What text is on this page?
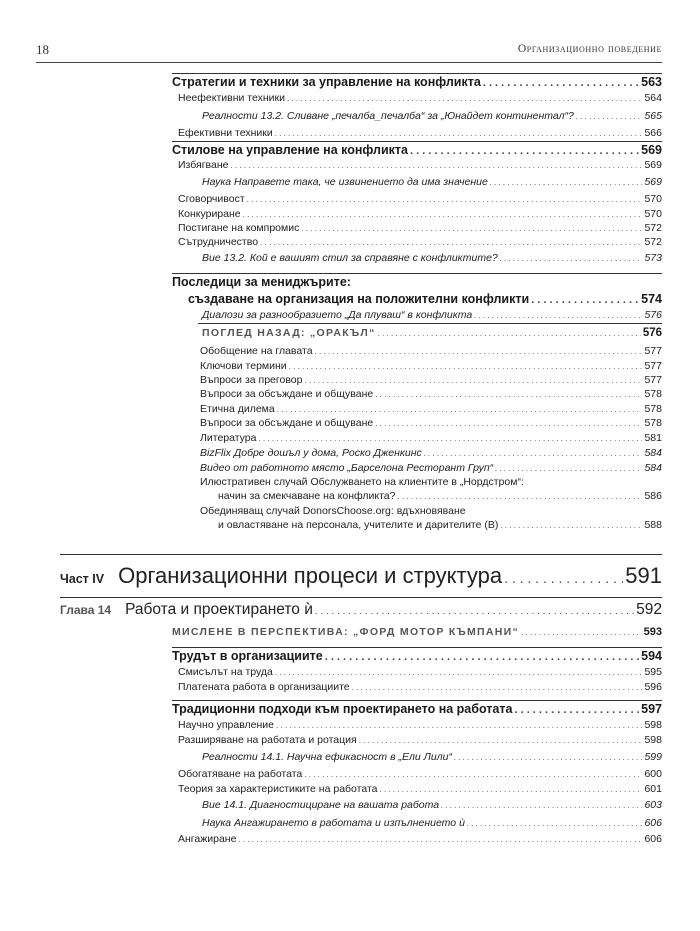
18	Организационно поведение
Стратегии и техники за управление на конфликта . . .	563
Неефективни техники . . .	564
Реалности 13.2. Сливане „печалба_печалба“ за „Юнайдет континентал“? . . .	565
Ефективни техники . . .	566
Стилове на управление на конфликта . . .	569
Избягване . . .	569
Наука Направете така, че извинението да има значение . . .	569
Сговорчивост . . .	570
Конкуриране . . .	570
Постигане на компромис . . .	572
Сътрудничество . . .	572
Вие 13.2. Кой е вашият стил за справяне с конфликтите? . . .	573
Последици за мениджърите:
създаване на организация на положителни конфликти . . .	574
Диалози за разнообразието „Да плуваш“ в конфликта . . .	576
ПОГЛЕД НАЗАД: „ОРАКЪЛ“ . . .	576
Обобщение на главата . . .	577
Ключови термини . . .	577
Въпроси за преговор . . .	577
Въпроси за обсъждане и общуване . . .	578
Етична дилема . . .	578
Въпроси за обсъждане и общуване . . .	578
Литература . . .	581
BizFlix Добре дошъл у дома, Роско Дженкинс . . .	584
Видео от работното място „Барселона Ресторант Груп“ . . .	584
Илюстративен случай Обслужването на клиентите в „Нордстром“:
начин за смекчаване на конфликта? . . .	586
Обединяващ случай DonorsChoose.org: вдъхновяване
и овластяване на персонала, учителите и дарителите (В) . . .	588
Част IV Организационни процеси и структура . . .	591
Глава 14 Работа и проектирането ѝ . . .	592
МИСЛЕНЕ В ПЕРСПЕКТИВА: „ФОРД МОТОР КЪМПАНИ“ . . .	593
Трудът в организациите . . .	594
Смисълът на труда . . .	595
Платената работа в организациите . . .	596
Традиционни подходи към проектирането на работата . . .	597
Научно управление . . .	598
Разширяване на работата и ротация . . .	598
Реалности 14.1. Научна ефикасност в „Ели Лили“ . . .	599
Обогатяване на работата . . .	600
Теория за характеристиките на работата . . .	601
Вие 14.1. Диагностициране на вашата работа . . .	603
Наука Ангажирането в работата и изпълнението ѝ . . .	606
Ангажиране . . .	606
